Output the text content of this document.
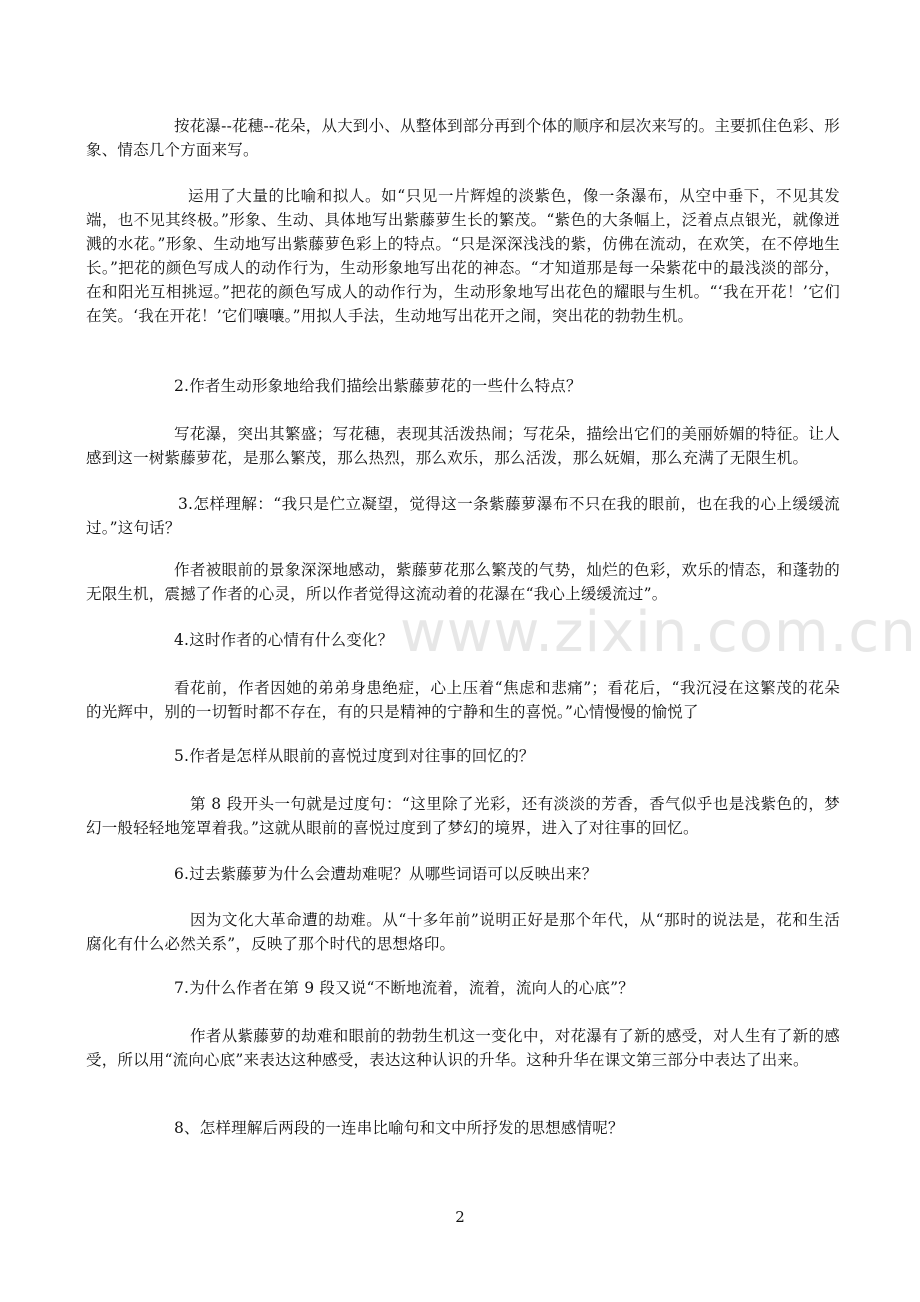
按花瀑--花穗--花朵，从大到小、从整体到部分再到个体的顺序和层次来写的。主要抓住色彩、形象、情态几个方面来写。

运用了大量的比喻和拟人。如“只见一片辉煌的淡紫色，像一条瀑布，从空中垂下，不见其发端，也不见其终极。”形象、生动、具体地写出紫藤萝生长的繁茂。“紫色的大条幅上，泛着点点银光，就像迸溅的水花。”形象、生动地写出紫藤萝色彩上的特点。“只是深深浅浅的紫，仿佛在流动，在欢笑，在不停地生长。”把花的颜色写成人的动作行为，生动形象地写出花的神态。“才知道那是每一朵紫花中的最浅淡的部分，在和阳光互相挑逗。”把花的颜色写成人的动作行为，生动形象地写出花色的耀眼与生机。“‘我在开花！’它们在笑。‘我在开花！’它们嚷嚷。”用拟人手法，生动地写出花开之闹，突出花的勃勃生机。

2.作者生动形象地给我们描绘出紫藤萝花的一些什么特点？

写花瀑，突出其繁盛；写花穗，表现其活泼热闹；写花朵，描绘出它们的美丽娇媚的特征。让人感到这一树紫藤萝花，是那么繁茂，那么热烈，那么欢乐，那么活泼，那么妩媚，那么充满了无限生机。

3.怎样理解：“我只是伫立凝望，觉得这一条紫藤萝瀑布不只在我的眼前，也在我的心上缓缓流过。”这句话？

作者被眼前的景象深深地感动，紫藤萝花那么繁茂的气势，灿烂的色彩，欢乐的情态，和蓬勃的无限生机，震撼了作者的心灵，所以作者觉得这流动着的花瀑在“我心上缓缓流过”。

4.这时作者的心情有什么变化？

看花前，作者因她的弟弟身患绝症，心上压着“焦虑和悲痛”；看花后，“我沉浸在这繁茂的花朵的光辉中，别的一切暂时都不存在，有的只是精神的宁静和生的喜悦。”心情慢慢的愉悦了

5.作者是怎样从眼前的喜悦过度到对往事的回忆的？

第 8 段开头一句就是过度句：“这里除了光彩，还有淡淡的芳香，香气似乎也是浅紫色的，梦幻一般轻轻地笼罩着我。”这就从眼前的喜悦过度到了梦幻的境界，进入了对往事的回忆。

6.过去紫藤萝为什么会遭劫难呢？从哪些词语可以反映出来？

因为文化大革命遭的劫难。从“十多年前”说明正好是那个年代，从“那时的说法是，花和生活腐化有什么必然关系”，反映了那个时代的思想烙印。

7.为什么作者在第 9 段又说“不断地流着，流着，流向人的心底”？

作者从紫藤萝的劫难和眼前的勃勃生机这一变化中，对花瀑有了新的感受，对人生有了新的感受，所以用“流向心底”来表达这种感受，表达这种认识的升华。这种升华在课文第三部分中表达了出来。

8、怎样理解后两段的一连串比喻句和文中所抒发的思想感情呢？

www.zixin.com.cn
2
